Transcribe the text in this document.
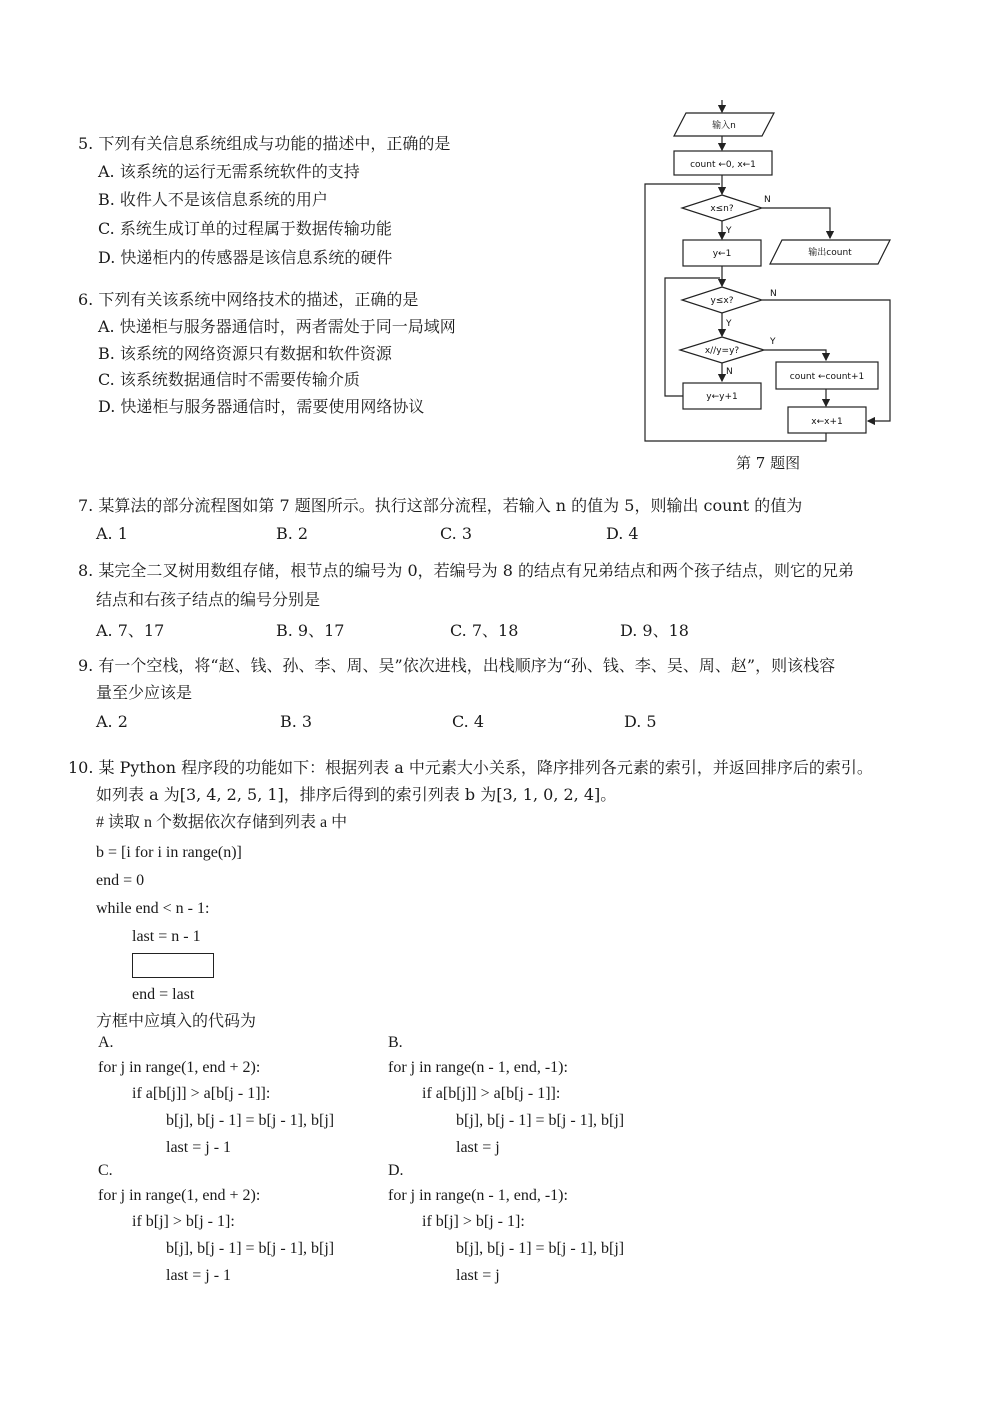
5. 下列有关信息系统组成与功能的描述中，正确的是
A. 该系统的运行无需系统软件的支持
B. 收件人不是该信息系统的用户
C. 系统生成订单的过程属于数据传输功能
D. 快递柜内的传感器是该信息系统的硬件
6. 下列有关该系统中网络技术的描述，正确的是
A. 快递柜与服务器通信时，两者需处于同一局域网
B. 该系统的网络资源只有数据和软件资源
C. 该系统数据通信时不需要传输介质
D. 快递柜与服务器通信时，需要使用网络协议
输入n
count ←0, x←1
x≤n?
N
Y
输出count
y←1
y≤x?
N
Y
x//y=y?
Y
N	count ←count+1
y←y+1
x←x+1
第 7 题图
7. 某算法的部分流程图如第 7 题图所示。执行这部分流程，若输入 n 的值为 5，则输出 count 的值为
A. 1	B. 2	C. 3	D. 4
8. 某完全二叉树用数组存储，根节点的编号为 0，若编号为 8 的结点有兄弟结点和两个孩子结点，则它的兄弟
结点和右孩子结点的编号分别是
A. 7、17	B. 9、17	C. 7、18	D. 9、18
9. 有一个空栈，将“赵、钱、孙、李、周、吴”依次进栈，出栈顺序为“孙、钱、李、吴、周、赵”，则该栈容
量至少应该是
A. 2	B. 3	C. 4	D. 5
10. 某 Python 程序段的功能如下：根据列表 a 中元素大小关系，降序排列各元素的索引，并返回排序后的索引。
如列表 a 为[3, 4, 2, 5, 1]，排序后得到的索引列表 b 为[3, 1, 0, 2, 4]。
# 读取 n 个数据依次存储到列表 a 中
b = [i for i in range(n)]
end = 0
while end < n - 1:
last = n - 1
end = last
方框中应填入的代码为
A.
for j in range(1, end + 2):
if a[b[j]] > a[b[j - 1]]:
b[j], b[j - 1] = b[j - 1], b[j]
last = j - 1
B.
for j in range(n - 1, end, -1):
if a[b[j]] > a[b[j - 1]]:
b[j], b[j - 1] = b[j - 1], b[j]
last = j
C.
for j in range(1, end + 2):
if b[j] > b[j - 1]:
b[j], b[j - 1] = b[j - 1], b[j]
last = j - 1
D.
for j in range(n - 1, end, -1):
if b[j] > b[j - 1]:
b[j], b[j - 1] = b[j - 1], b[j]
last = j
